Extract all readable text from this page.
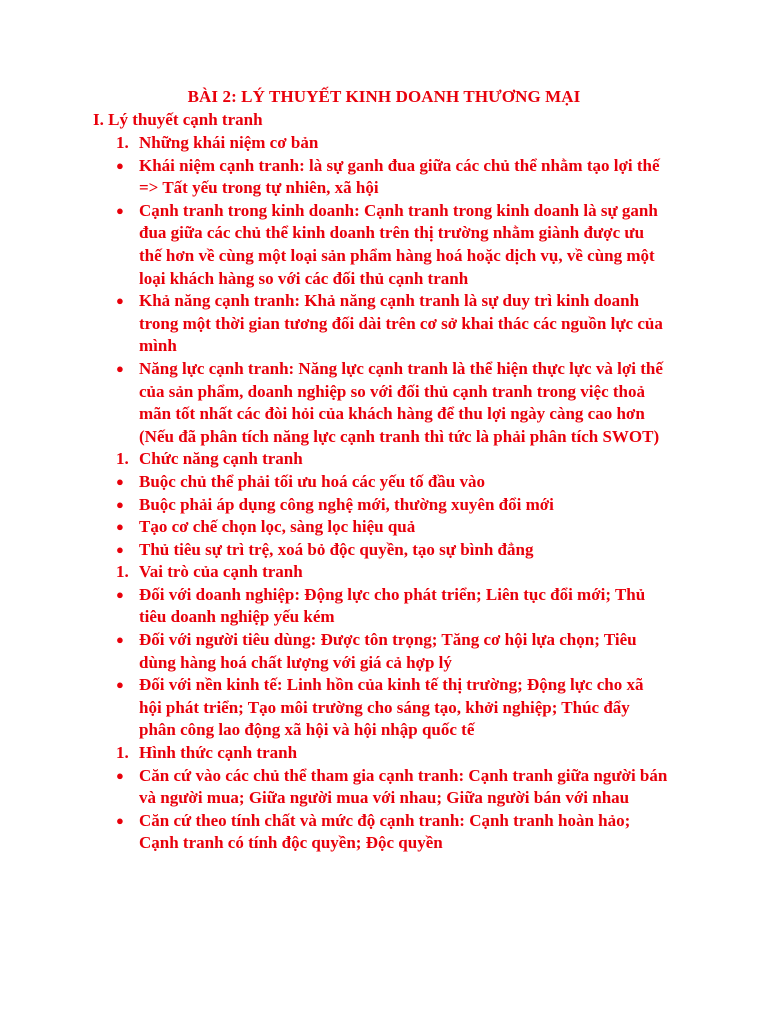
BÀI 2: LÝ THUYẾT KINH DOANH THƯƠNG MẠI
I. Lý thuyết cạnh tranh
1. Những khái niệm cơ bản
● Khái niệm cạnh tranh: là sự ganh đua giữa các chủ thể nhằm tạo lợi thế => Tất yếu trong tự nhiên, xã hội
● Cạnh tranh trong kinh doanh: Cạnh tranh trong kinh doanh là sự ganh đua giữa các chủ thể kinh doanh trên thị trường nhằm giành được ưu thế hơn về cùng một loại sản phẩm hàng hoá hoặc dịch vụ, về cùng một loại khách hàng so với các đối thủ cạnh tranh
● Khả năng cạnh tranh: Khả năng cạnh tranh là sự duy trì kinh doanh trong một thời gian tương đối dài trên cơ sở khai thác các nguồn lực của mình
● Năng lực cạnh tranh: Năng lực cạnh tranh là thể hiện thực lực và lợi thế của sản phẩm, doanh nghiệp so với đối thủ cạnh tranh trong việc thoả mãn tốt nhất các đòi hỏi của khách hàng để thu lợi ngày càng cao hơn (Nếu đã phân tích năng lực cạnh tranh thì tức là phải phân tích SWOT)
1. Chức năng cạnh tranh
● Buộc chủ thể phải tối ưu hoá các yếu tố đầu vào
● Buộc phải áp dụng công nghệ mới, thường xuyên đổi mới
● Tạo cơ chế chọn lọc, sàng lọc hiệu quả
● Thủ tiêu sự trì trệ, xoá bỏ độc quyền, tạo sự bình đẳng
1. Vai trò của cạnh tranh
● Đối với doanh nghiệp: Động lực cho phát triển; Liên tục đổi mới; Thủ tiêu doanh nghiệp yếu kém
● Đối với người tiêu dùng: Được tôn trọng; Tăng cơ hội lựa chọn; Tiêu dùng hàng hoá chất lượng với giá cả hợp lý
● Đối với nền kinh tế: Linh hồn của kinh tế thị trường; Động lực cho xã hội phát triển; Tạo môi trường cho sáng tạo, khởi nghiệp; Thúc đẩy phân công lao động xã hội và hội nhập quốc tế
1. Hình thức cạnh tranh
● Căn cứ vào các chủ thể tham gia cạnh tranh: Cạnh tranh giữa người bán và người mua; Giữa người mua với nhau; Giữa người bán với nhau
● Căn cứ theo tính chất và mức độ cạnh tranh: Cạnh tranh hoàn hảo; Cạnh tranh có tính độc quyền; Độc quyền
